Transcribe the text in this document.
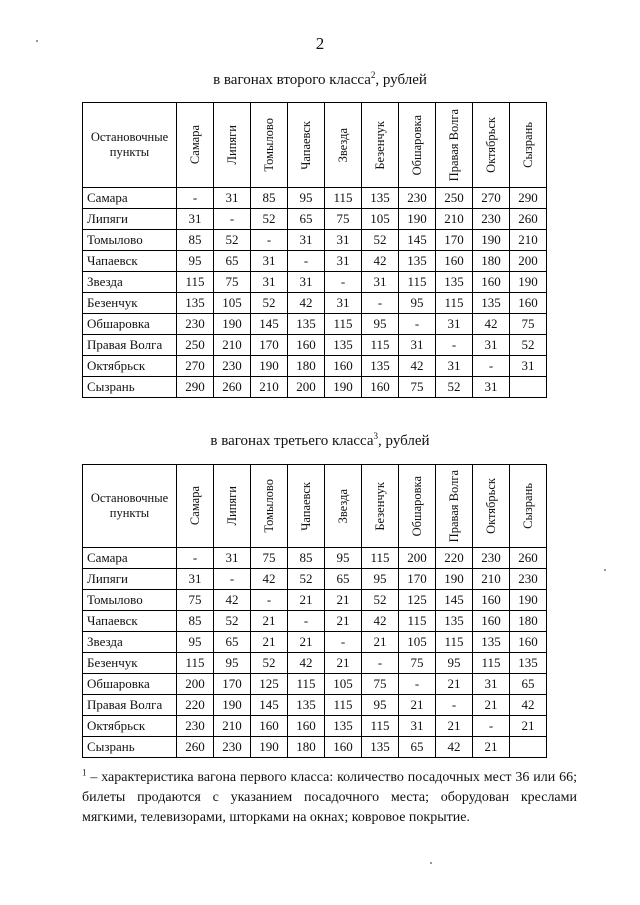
2
в вагонах второго класса$^2$, рублей
Остановочные пункты	Самара	Липяги	Томылово	Чапаевск	Звезда	Безенчук	Обшаровка	Правая Волга	Октябрьск	Сызрань

Самара	-	31	85	95	115	135	230	250	270	290
Липяги	31	-	52	65	75	105	190	210	230	260
Томылово	85	52	-	31	31	52	145	170	190	210
Чапаевск	95	65	31	-	31	42	135	160	180	200
Звезда	115	75	31	31	-	31	115	135	160	190
Безенчук	135	105	52	42	31	-	95	115	135	160
Обшаровка	230	190	145	135	115	95	-	31	42	75
Правая Волга	250	210	170	160	135	115	31	-	31	52
Октябрьск	270	230	190	180	160	135	42	31	-	31
Сызрань	290	260	210	200	190	160	75	52	31	
в вагонах третьего класса$^3$, рублей
Остановочные пункты	Самара	Липяги	Томылово	Чапаевск	Звезда	Безенчук	Обшаровка	Правая Волга	Октябрьск	Сызрань

Самара	-	31	75	85	95	115	200	220	230	260
Липяги	31	-	42	52	65	95	170	190	210	230
Томылово	75	42	-	21	21	52	125	145	160	190
Чапаевск	85	52	21	-	21	42	115	135	160	180
Звезда	95	65	21	21	-	21	105	115	135	160
Безенчук	115	95	52	42	21	-	75	95	115	135
Обшаровка	200	170	125	115	105	75	-	21	31	65
Правая Волга	220	190	145	135	115	95	21	-	21	42
Октябрьск	230	210	160	160	135	115	31	21	-	21
Сызрань	260	230	190	180	160	135	65	42	21	
$^1$ – характеристика вагона первого класса: количество посадочных мест 36 или 66; билеты продаются с указанием посадочного места; оборудован креслами мягкими, телевизорами, шторками на окнах; ковровое покрытие.
